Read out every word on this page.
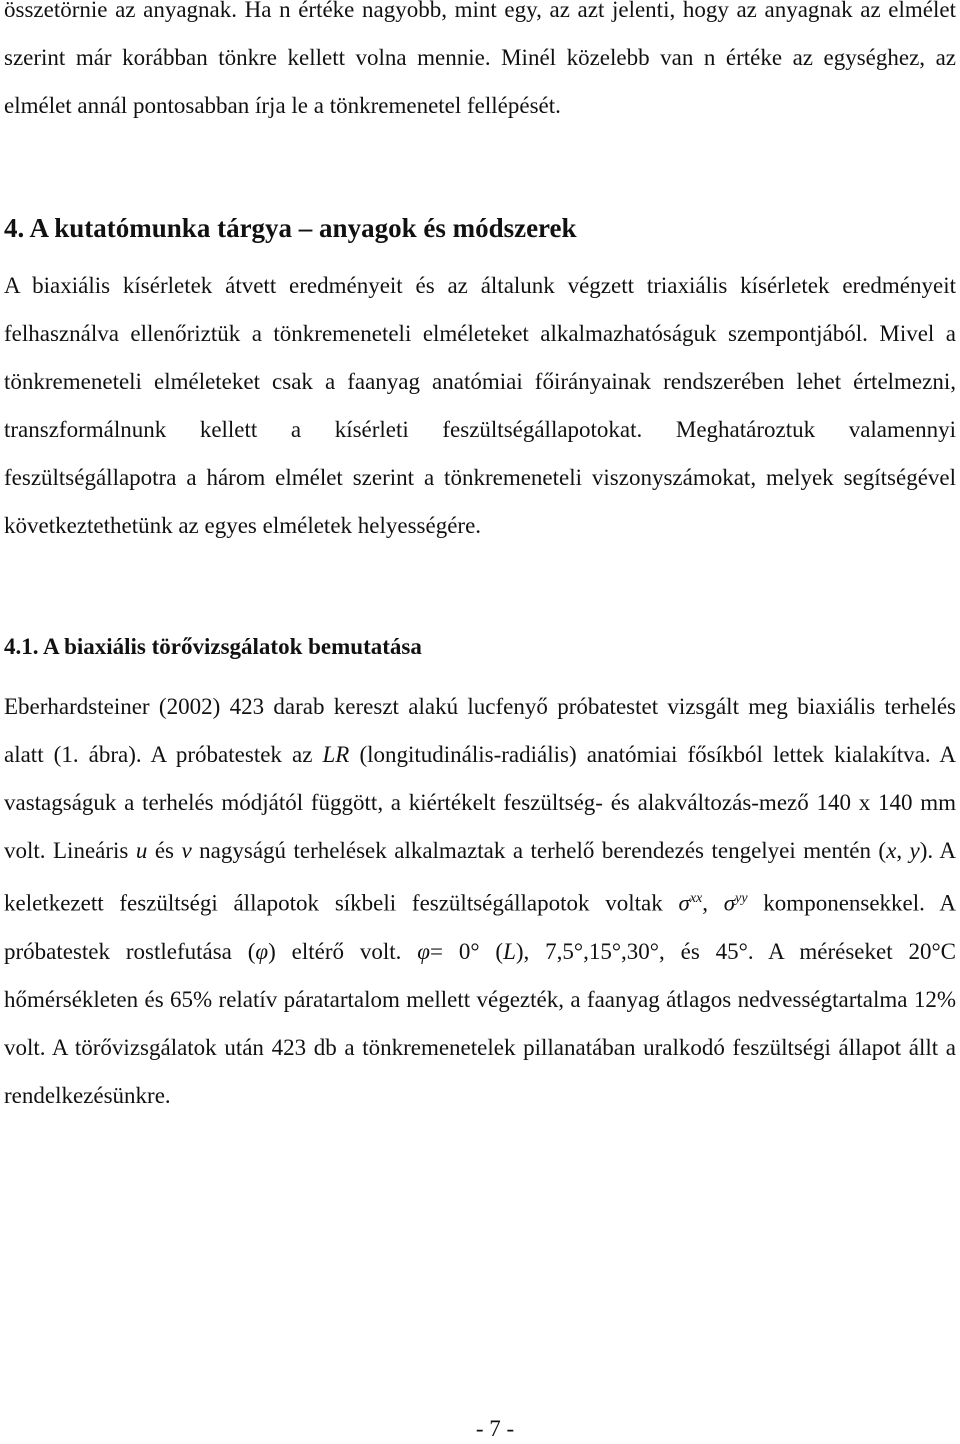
összetörnie az anyagnak. Ha n értéke nagyobb, mint egy, az azt jelenti, hogy az anyagnak az elmélet szerint már korábban tönkre kellett volna mennie. Minél közelebb van n értéke az egységhez, az elmélet annál pontosabban írja le a tönkremenetel fellépését.

4. A kutatómunka tárgya – anyagok és módszerek

A biaxiális kísérletek átvett eredményeit és az általunk végzett triaxiális kísérletek eredményeit felhasználva ellenőriztük a tönkremeneteli elméleteket alkalmazhatóságuk szempontjából. Mivel a tönkremeneteli elméleteket csak a faanyag anatómiai főirányainak rendszerében lehet értelmezni, transzformálnunk kellett a kísérleti feszültségállapotokat. Meghatároztuk valamennyi feszültségállapotra a három elmélet szerint a tönkremeneteli viszonyszámokat, melyek segítségével következtethetünk az egyes elméletek helyességére.

4.1. A biaxiális törővizsgálatok bemutatása

Eberhardsteiner (2002) 423 darab kereszt alakú lucfenyő próbatestet vizsgált meg biaxiális terhelés alatt (1. ábra). A próbatestek az LR (longitudinális-radiális) anatómiai fősíkból lettek kialakítva. A vastagságuk a terhelés módjától függött, a kiértékelt feszültség- és alakváltozás-mező 140 x 140 mm volt. Lineáris u és v nagyságú terhelések alkalmaztak a terhelő berendezés tengelyei mentén (x, y). A keletkezett feszültségi állapotok síkbeli feszültségállapotok voltak $\sigma^{xx}$, $\sigma^{yy}$ komponensekkel. A próbatestek rostlefutása (φ) eltérő volt. φ= 0° (L), 7,5°,15°,30°, és 45°. A méréseket 20°C hőmérsékleten és 65% relatív páratartalom mellett végezték, a faanyag átlagos nedvességtartalma 12% volt. A törővizsgálatok után 423 db a tönkremenetelek pillanatában uralkodó feszültségi állapot állt a rendelkezésünkre.

- 7 -
